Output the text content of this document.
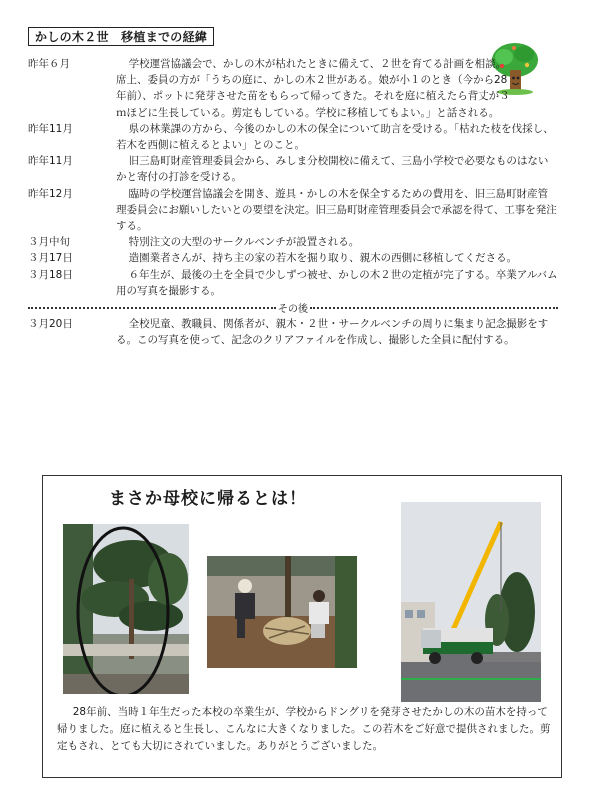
かしの木２世　移植までの経緯
昨年６月	学校運営協議会で、かしの木が枯れたときに備えて、２世を育てる計画を相談。席上、委員の方が「うちの庭に、かしの木２世がある。娘が小１のとき（今から28年前）、ポットに発芽させた苗をもらって帰ってきた。それを庭に植えたら背丈が３ｍほどに生長している。剪定もしている。学校に移植してもよい。」と話される。
昨年11月	県の林業課の方から、今後のかしの木の保全について助言を受ける。「枯れた枝を伐採し、若木を西側に植えるとよい」とのこと。
昨年11月	旧三島町財産管理委員会から、みしま分校開校に備えて、三島小学校で必要なものはないかと寄付の打診を受ける。
昨年12月	臨時の学校運営協議会を開き、遊具・かしの木を保全するための費用を、旧三島町財産管理委員会にお願いしたいとの要望を決定。旧三島町財産管理委員会で承認を得て、工事を発注する。
３月中旬	特別注文の大型のサークルベンチが設置される。
３月17日	造園業者さんが、持ち主の家の若木を掘り取り、親木の西側に移植してくださる。
３月18日	６年生が、最後の土を全員で少しずつ被せ、かしの木２世の定植が完了する。卒業アルバム用の写真を撮影する。
その後
３月20日	全校児童、教職員、関係者が、親木・２世・サークルベンチの周りに集まり記念撮影をする。この写真を使って、記念のクリアファイルを作成し、撮影した全員に配付する。
まさか母校に帰るとは！
28年前、当時１年生だった本校の卒業生が、学校からドングリを発芽させたかしの木の苗木を持って帰りました。庭に植えると生長し、こんなに大きくなりました。この若木をご好意で提供されました。剪定もされ、とても大切にされていました。ありがとうございました。
